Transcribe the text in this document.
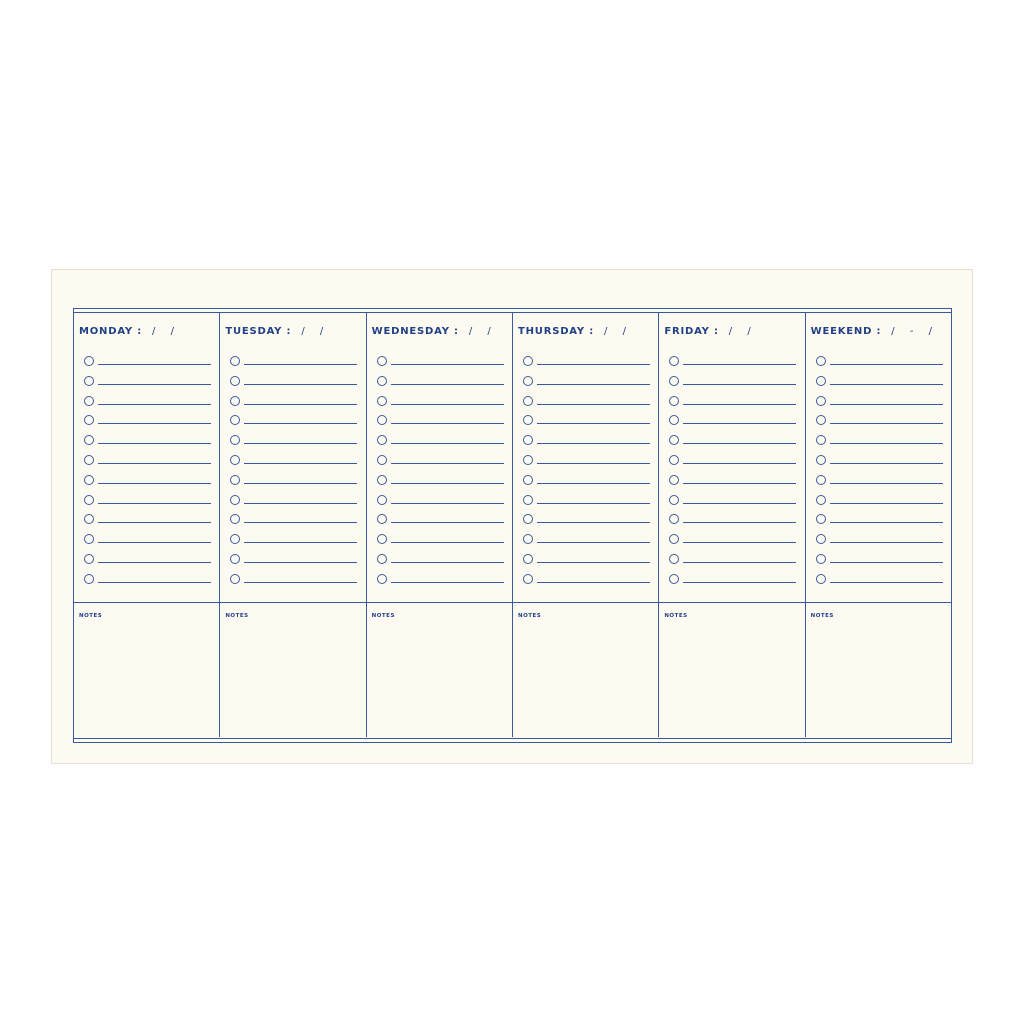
MONDAY : / /
NOTES
TUESDAY : / /
NOTES
WEDNESDAY : / /
NOTES
THURSDAY : / /
NOTES
FRIDAY : / /
NOTES
WEEKEND : / - /
NOTES
